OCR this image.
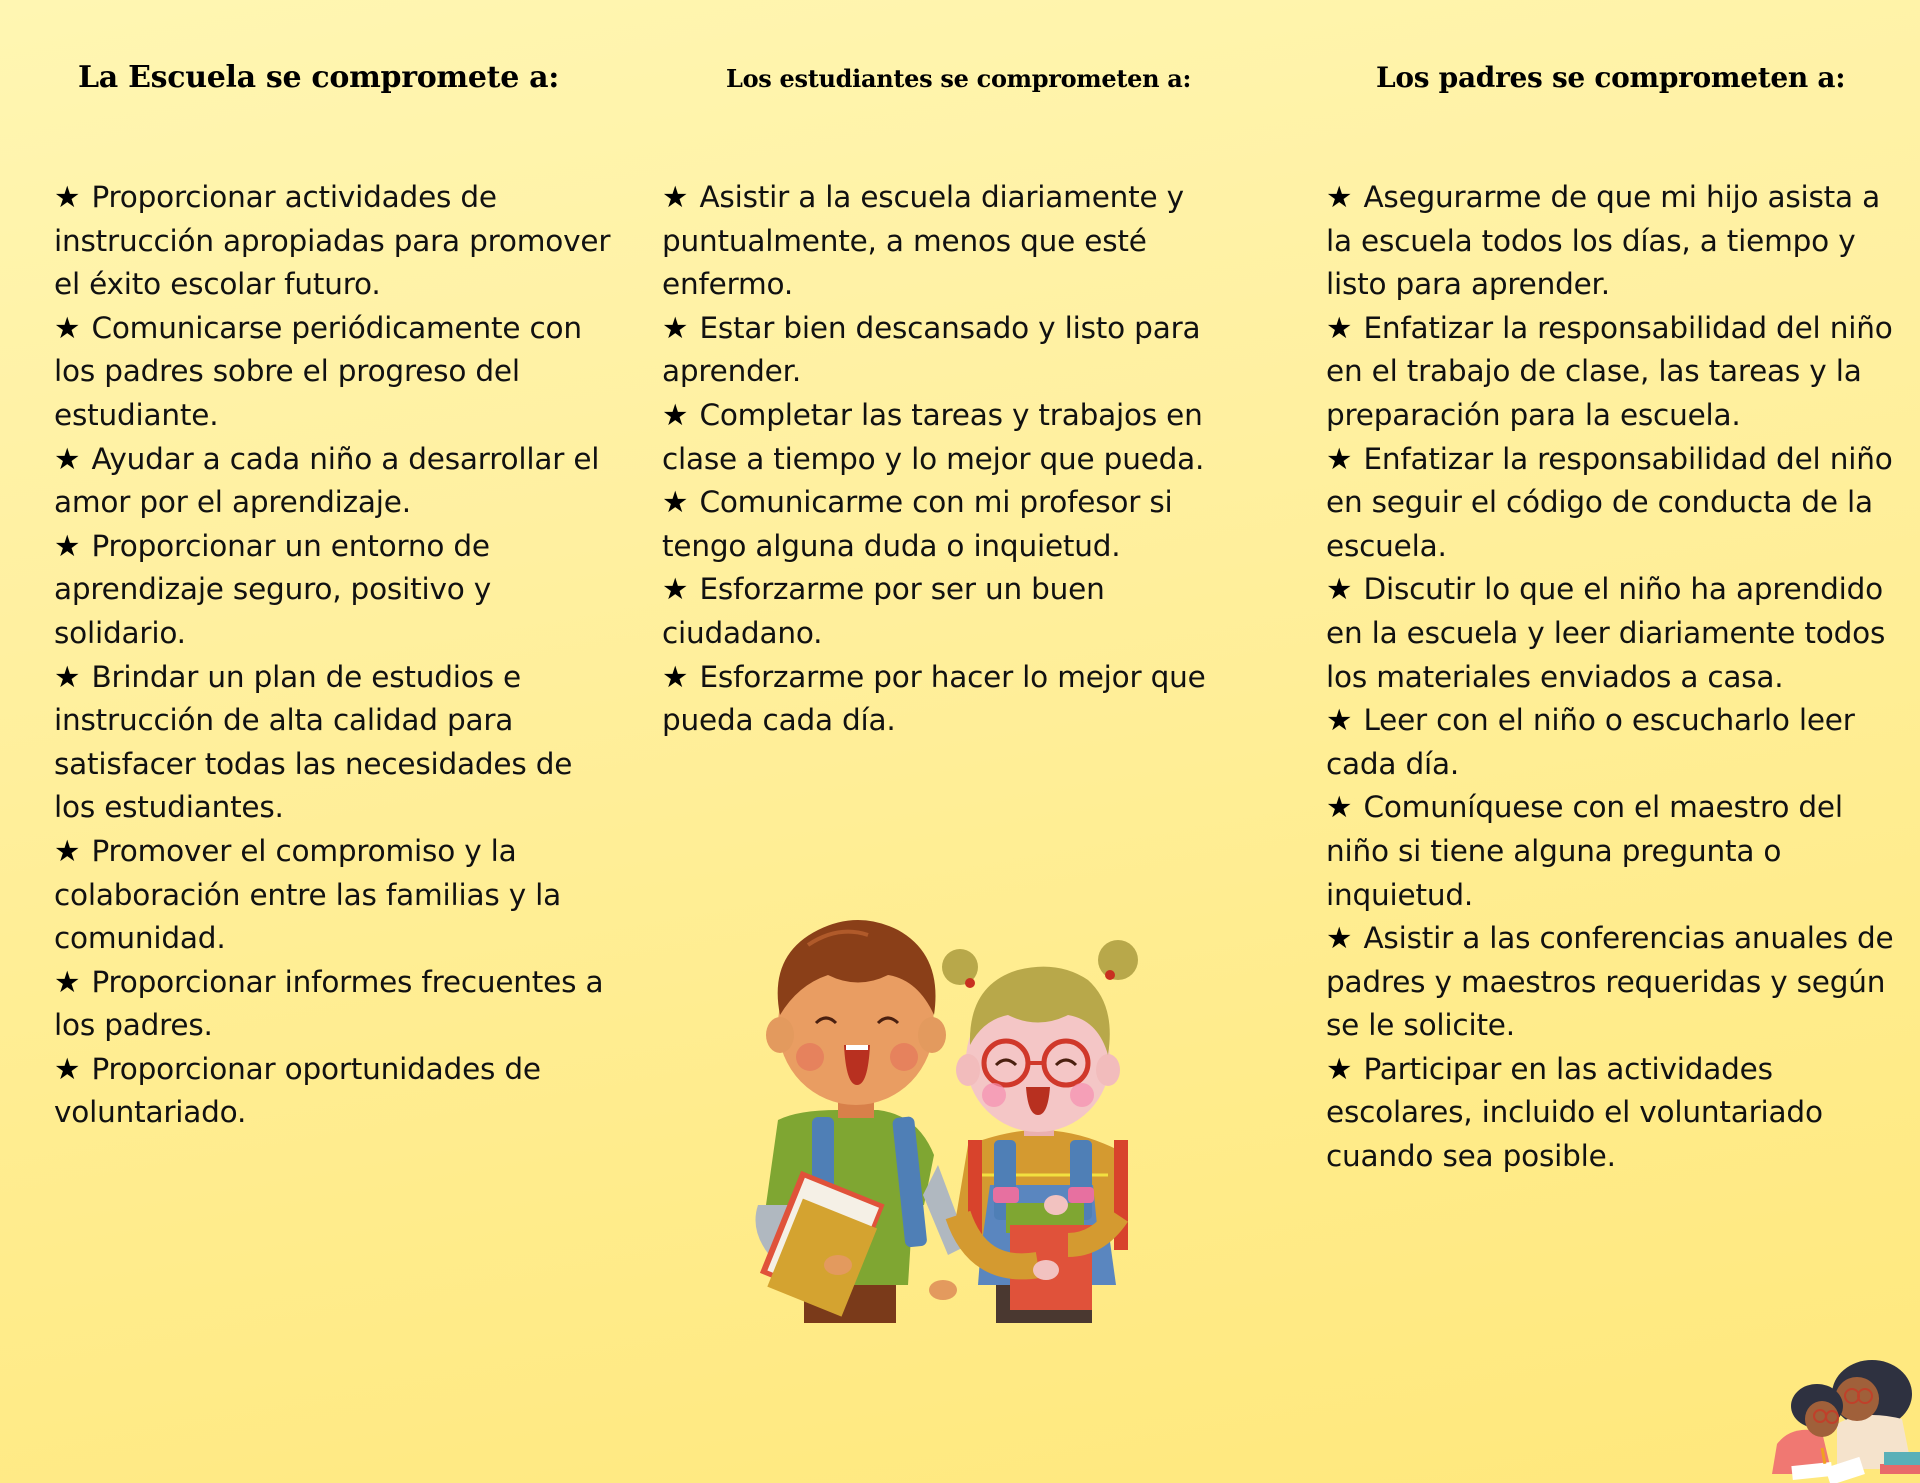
La Escuela se compromete a:
★ Proporcionar actividades de instrucción apropiadas para promover el éxito escolar futuro.
★ Comunicarse periódicamente con los padres sobre el progreso del estudiante.
★ Ayudar a cada niño a desarrollar el amor por el aprendizaje.
★ Proporcionar un entorno de aprendizaje seguro, positivo y solidario.
★ Brindar un plan de estudios e instrucción de alta calidad para satisfacer todas las necesidades de los estudiantes.
★ Promover el compromiso y la colaboración entre las familias y la comunidad.
★ Proporcionar informes frecuentes a los padres.
★ Proporcionar oportunidades de voluntariado.
Los estudiantes se comprometen a:
★ Asistir a la escuela diariamente y puntualmente, a menos que esté enfermo.
★ Estar bien descansado y listo para aprender.
★ Completar las tareas y trabajos en clase a tiempo y lo mejor que pueda.
★ Comunicarme con mi profesor si tengo alguna duda o inquietud.
★ Esforzarme por ser un buen ciudadano.
★ Esforzarme por hacer lo mejor que pueda cada día.
Los padres se comprometen a:
★ Asegurarme de que mi hijo asista a la escuela todos los días, a tiempo y listo para aprender.
★ Enfatizar la responsabilidad del niño en el trabajo de clase, las tareas y la preparación para la escuela.
★ Enfatizar la responsabilidad del niño en seguir el código de conducta de la escuela.
★ Discutir lo que el niño ha aprendido en la escuela y leer diariamente todos los materiales enviados a casa.
★ Leer con el niño o escucharlo leer cada día.
★ Comuníquese con el maestro del niño si tiene alguna pregunta o inquietud.
★ Asistir a las conferencias anuales de padres y maestros requeridas y según se le solicite.
★ Participar en las actividades escolares, incluido el voluntariado cuando sea posible.
